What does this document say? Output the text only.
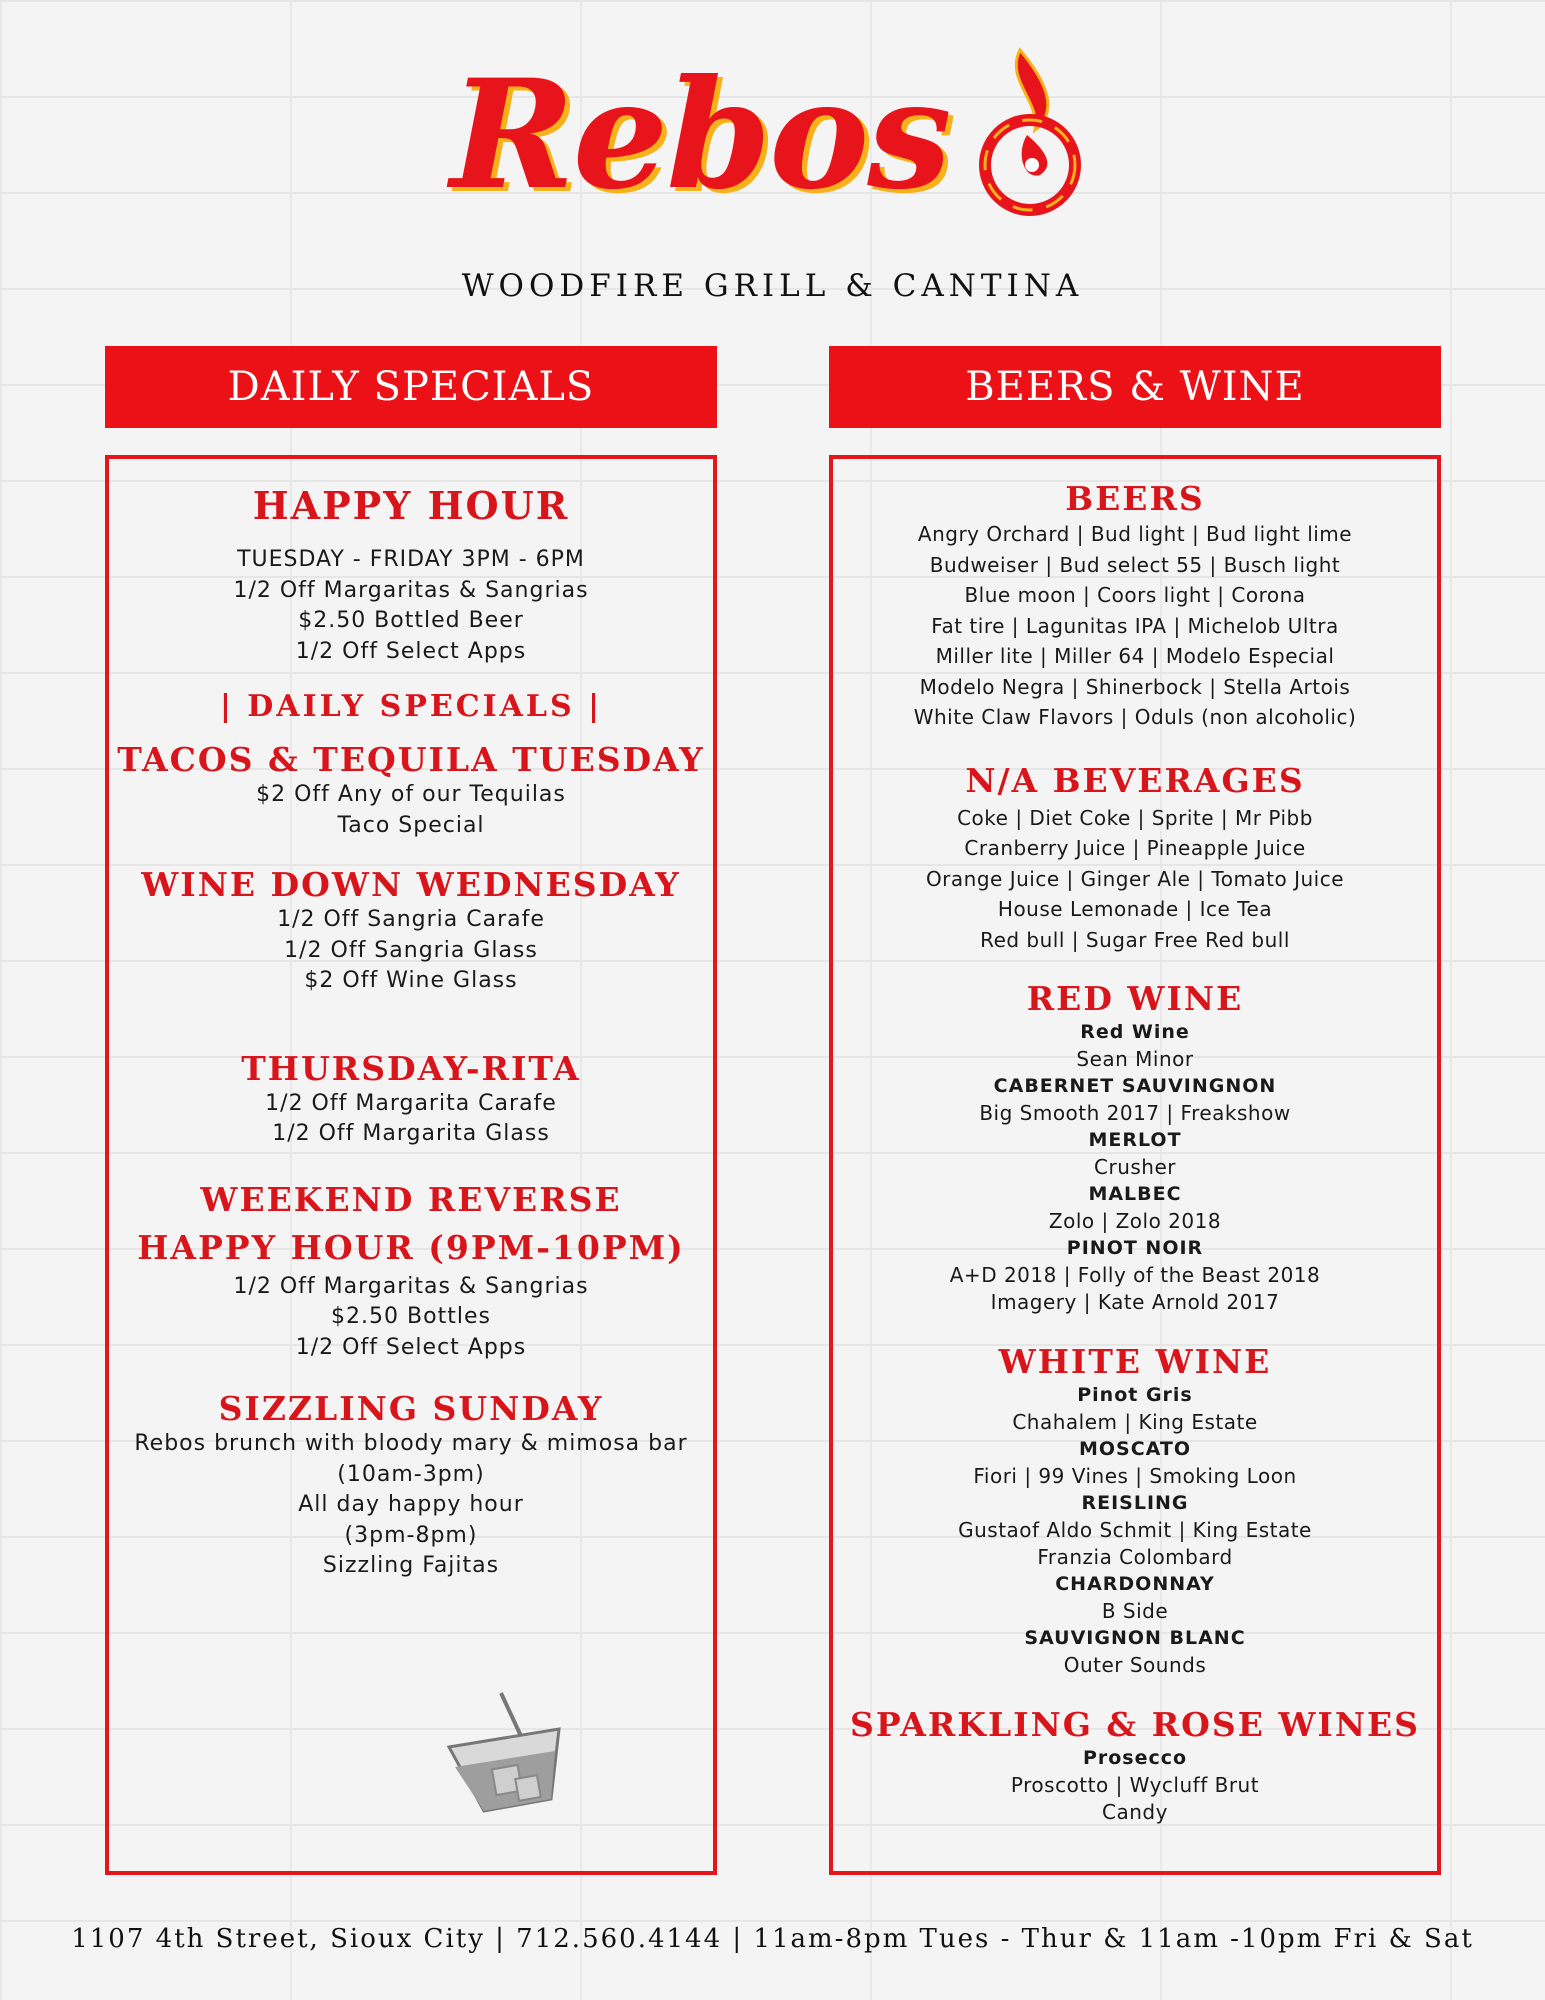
Rebos
WOODFIRE GRILL & CANTINA
DAILY SPECIALS
HAPPY HOUR
TUESDAY - FRIDAY 3PM - 6PM
1/2 Off Margaritas & Sangrias
$2.50 Bottled Beer
1/2 Off Select Apps
| DAILY SPECIALS |
TACOS & TEQUILA TUESDAY
$2 Off Any of our Tequilas
Taco Special
WINE DOWN WEDNESDAY
1/2 Off Sangria Carafe
1/2 Off Sangria Glass
$2 Off Wine Glass
THURSDAY-RITA
1/2 Off Margarita Carafe
1/2 Off Margarita Glass
WEEKEND REVERSE
HAPPY HOUR (9PM-10PM)
1/2 Off Margaritas & Sangrias
$2.50 Bottles
1/2 Off Select Apps
SIZZLING SUNDAY
Rebos brunch with bloody mary & mimosa bar
(10am-3pm)
All day happy hour
(3pm-8pm)
Sizzling Fajitas
BEERS & WINE
BEERS
Angry Orchard | Bud light | Bud light lime
Budweiser | Bud select 55 | Busch light
Blue moon | Coors light | Corona
Fat tire | Lagunitas IPA | Michelob Ultra
Miller lite | Miller 64 | Modelo Especial
Modelo Negra | Shinerbock | Stella Artois
White Claw Flavors | Oduls (non alcoholic)
N/A BEVERAGES
Coke | Diet Coke | Sprite | Mr Pibb
Cranberry Juice | Pineapple Juice
Orange Juice | Ginger Ale | Tomato Juice
House Lemonade | Ice Tea
Red bull | Sugar Free Red bull
RED WINE
Red Wine
Sean Minor
CABERNET SAUVINGNON
Big Smooth 2017 | Freakshow
MERLOT
Crusher
MALBEC
Zolo | Zolo 2018
PINOT NOIR
A+D 2018 | Folly of the Beast 2018
Imagery | Kate Arnold 2017
WHITE WINE
Pinot Gris
Chahalem | King Estate
MOSCATO
Fiori | 99 Vines | Smoking Loon
REISLING
Gustaof Aldo Schmit | King Estate
Franzia Colombard
CHARDONNAY
B Side
SAUVIGNON BLANC
Outer Sounds
SPARKLING & ROSE WINES
Prosecco
Proscotto | Wycluff Brut
Candy
1107 4th Street, Sioux City | 712.560.4144 | 11am-8pm Tues - Thur & 11am -10pm Fri & Sat
